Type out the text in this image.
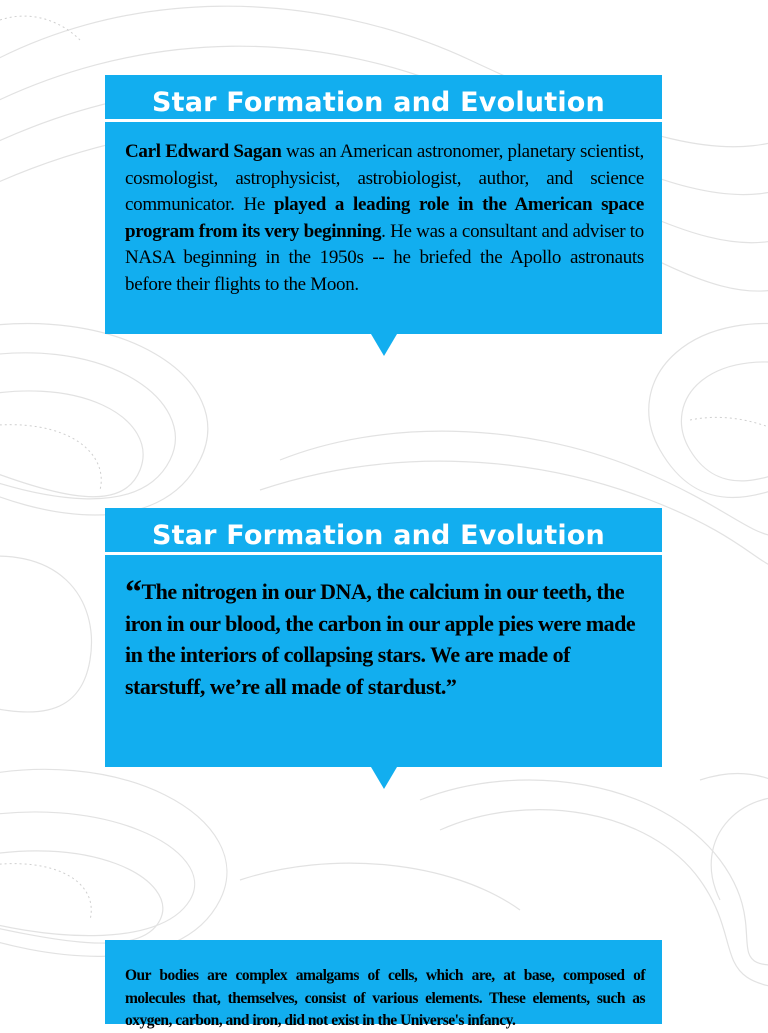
Star Formation and Evolution

Carl Edward Sagan was an American astronomer, planetary scientist, cosmologist, astrophysicist, astrobiologist, author, and science communicator. He played a leading role in the American space program from its very beginning. He was a consultant and adviser to NASA beginning in the 1950s -- he briefed the Apollo astronauts before their flights to the Moon.

Star Formation and Evolution

“The nitrogen in our DNA, the calcium in our teeth, the iron in our blood, the carbon in our apple pies were made in the interiors of collapsing stars. We are made of starstuff, we’re all made of stardust.”

Our bodies are complex amalgams of cells, which are, at base, composed of molecules that, themselves, consist of various elements. These elements, such as oxygen, carbon, and iron, did not exist in the Universe's infancy.
